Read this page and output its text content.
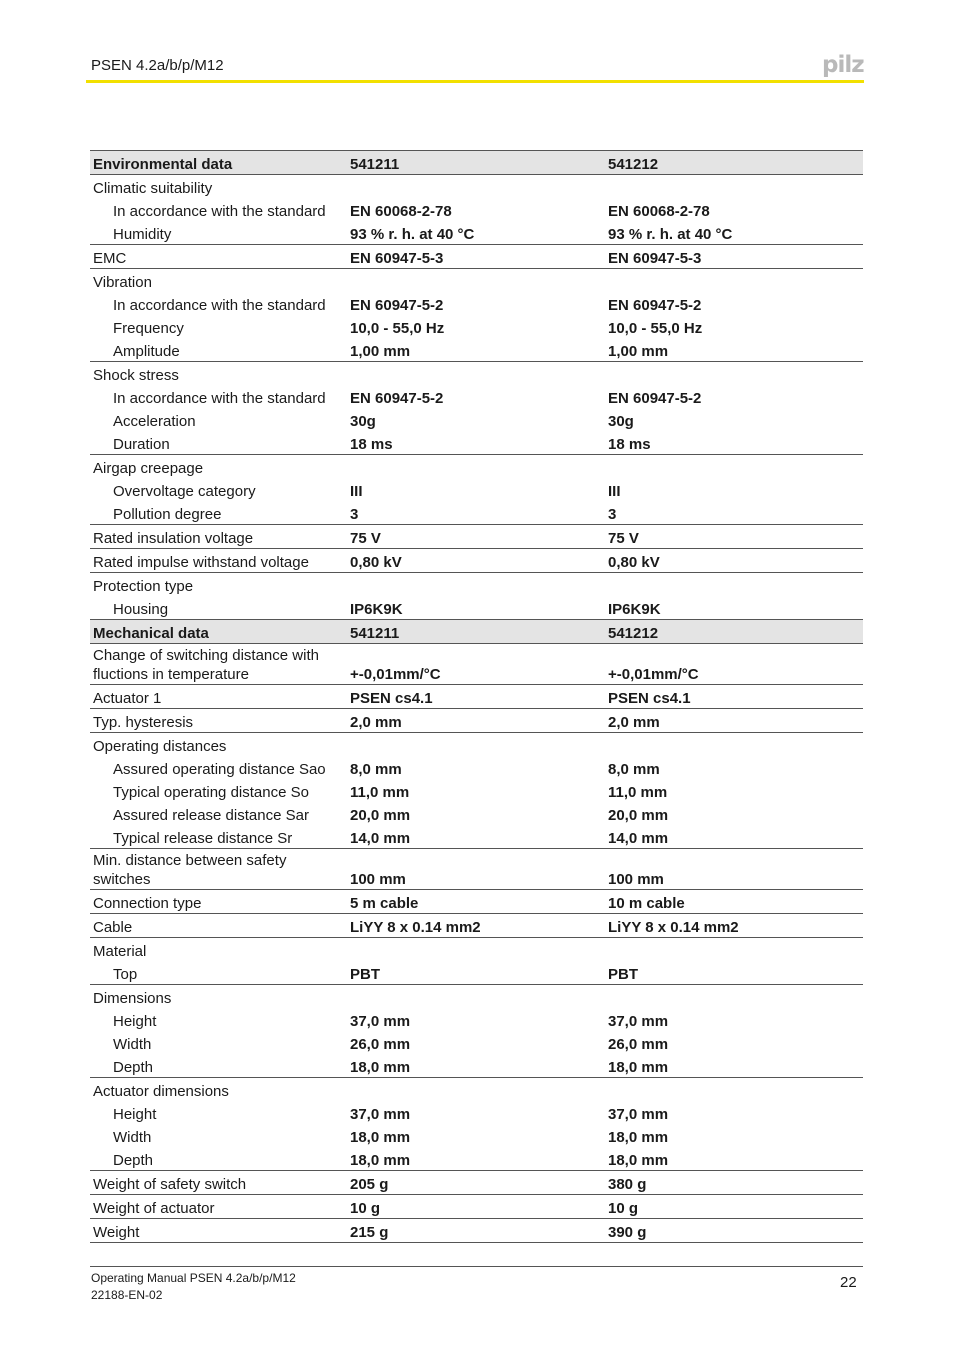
PSEN 4.2a/b/p/M12	pilz
Environmental data	541211	541212
Climatic suitability		
In accordance with the standard	EN 60068-2-78	EN 60068-2-78
Humidity	93 % r. h. at 40 °C	93 % r. h. at 40 °C
EMC	EN 60947-5-3	EN 60947-5-3
Vibration		
In accordance with the standard	EN 60947-5-2	EN 60947-5-2
Frequency	10,0 - 55,0 Hz	10,0 - 55,0 Hz
Amplitude	1,00 mm	1,00 mm
Shock stress		
In accordance with the standard	EN 60947-5-2	EN 60947-5-2
Acceleration	30g	30g
Duration	18 ms	18 ms
Airgap creepage		
Overvoltage category	III	III
Pollution degree	3	3
Rated insulation voltage	75 V	75 V
Rated impulse withstand voltage	0,80 kV	0,80 kV
Protection type		
Housing	IP6K9K	IP6K9K
Mechanical data	541211	541212
Change of switching distance with fluctions in temperature	+-0,01mm/°C	+-0,01mm/°C
Actuator 1	PSEN cs4.1	PSEN cs4.1
Typ. hysteresis	2,0 mm	2,0 mm
Operating distances		
Assured operating distance Sao	8,0 mm	8,0 mm
Typical operating distance So	11,0 mm	11,0 mm
Assured release distance Sar	20,0 mm	20,0 mm
Typical release distance Sr	14,0 mm	14,0 mm
Min. distance between safety switches	100 mm	100 mm
Connection type	5 m cable	10 m cable
Cable	LiYY 8 x 0.14 mm2	LiYY 8 x 0.14 mm2
Material		
Top	PBT	PBT
Dimensions		
Height	37,0 mm	37,0 mm
Width	26,0 mm	26,0 mm
Depth	18,0 mm	18,0 mm
Actuator dimensions		
Height	37,0 mm	37,0 mm
Width	18,0 mm	18,0 mm
Depth	18,0 mm	18,0 mm
Weight of safety switch	205 g	380 g
Weight of actuator	10 g	10 g
Weight	215 g	390 g
Operating Manual PSEN 4.2a/b/p/M12
22188-EN-02
22
